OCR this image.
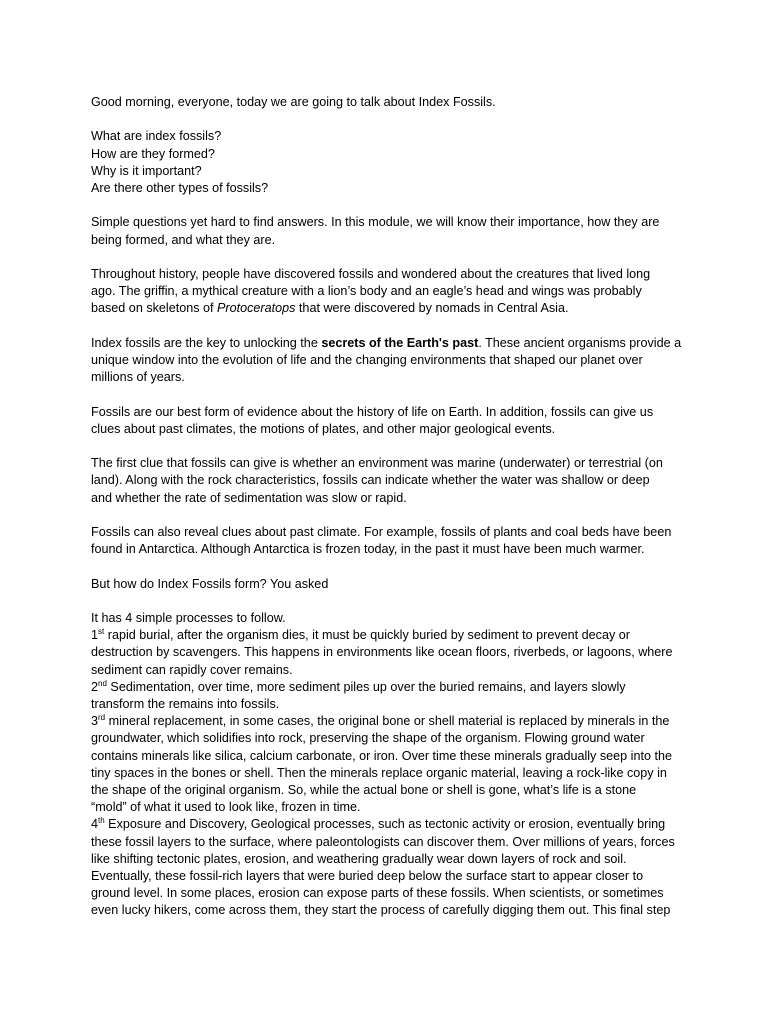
Good morning, everyone, today we are going to talk about Index Fossils.

What are index fossils?
How are they formed?
Why is it important?
Are there other types of fossils?

Simple questions yet hard to find answers. In this module, we will know their importance, how they are
being formed, and what they are.

Throughout history, people have discovered fossils and wondered about the creatures that lived long
ago. The griffin, a mythical creature with a lion’s body and an eagle’s head and wings was probably
based on skeletons of Protoceratops that were discovered by nomads in Central Asia.

Index fossils are the key to unlocking the secrets of the Earth's past. These ancient organisms provide a
unique window into the evolution of life and the changing environments that shaped our planet over
millions of years.

Fossils are our best form of evidence about the history of life on Earth. In addition, fossils can give us
clues about past climates, the motions of plates, and other major geological events.

The first clue that fossils can give is whether an environment was marine (underwater) or terrestrial (on
land). Along with the rock characteristics, fossils can indicate whether the water was shallow or deep
and whether the rate of sedimentation was slow or rapid.

Fossils can also reveal clues about past climate. For example, fossils of plants and coal beds have been
found in Antarctica. Although Antarctica is frozen today, in the past it must have been much warmer.

But how do Index Fossils form? You asked

It has 4 simple processes to follow.
1st rapid burial, after the organism dies, it must be quickly buried by sediment to prevent decay or
destruction by scavengers. This happens in environments like ocean floors, riverbeds, or lagoons, where
sediment can rapidly cover remains.
2nd Sedimentation, over time, more sediment piles up over the buried remains, and layers slowly
transform the remains into fossils.
3rd mineral replacement, in some cases, the original bone or shell material is replaced by minerals in the
groundwater, which solidifies into rock, preserving the shape of the organism. Flowing ground water
contains minerals like silica, calcium carbonate, or iron. Over time these minerals gradually seep into the
tiny spaces in the bones or shell. Then the minerals replace organic material, leaving a rock-like copy in
the shape of the original organism. So, while the actual bone or shell is gone, what’s life is a stone
“mold” of what it used to look like, frozen in time.
4th Exposure and Discovery, Geological processes, such as tectonic activity or erosion, eventually bring
these fossil layers to the surface, where paleontologists can discover them. Over millions of years, forces
like shifting tectonic plates, erosion, and weathering gradually wear down layers of rock and soil.
Eventually, these fossil-rich layers that were buried deep below the surface start to appear closer to
ground level. In some places, erosion can expose parts of these fossils. When scientists, or sometimes
even lucky hikers, come across them, they start the process of carefully digging them out. This final step
